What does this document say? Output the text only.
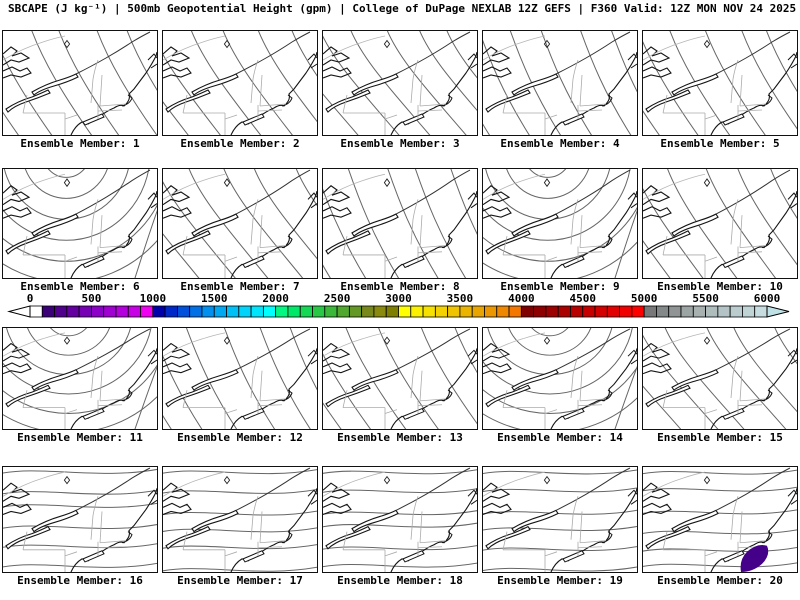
SBCAPE (J kg⁻¹) | 500mb Geopotential Height (gpm) | College of DuPage NEXLAB 12Z GEFS | F360 Valid: 12Z MON NOV 24 2025
Ensemble Member: 1	Ensemble Member: 2	Ensemble Member: 3	Ensemble Member: 4	Ensemble Member: 5
Ensemble Member: 6	Ensemble Member: 7	Ensemble Member: 8	Ensemble Member: 9	Ensemble Member: 10
Ensemble Member: 11	Ensemble Member: 12	Ensemble Member: 13	Ensemble Member: 14	Ensemble Member: 15
Ensemble Member: 16	Ensemble Member: 17	Ensemble Member: 18	Ensemble Member: 19	Ensemble Member: 20
0	500	1000	1500	2000	2500	3000	3500	4000	4500	5000	5500	6000
